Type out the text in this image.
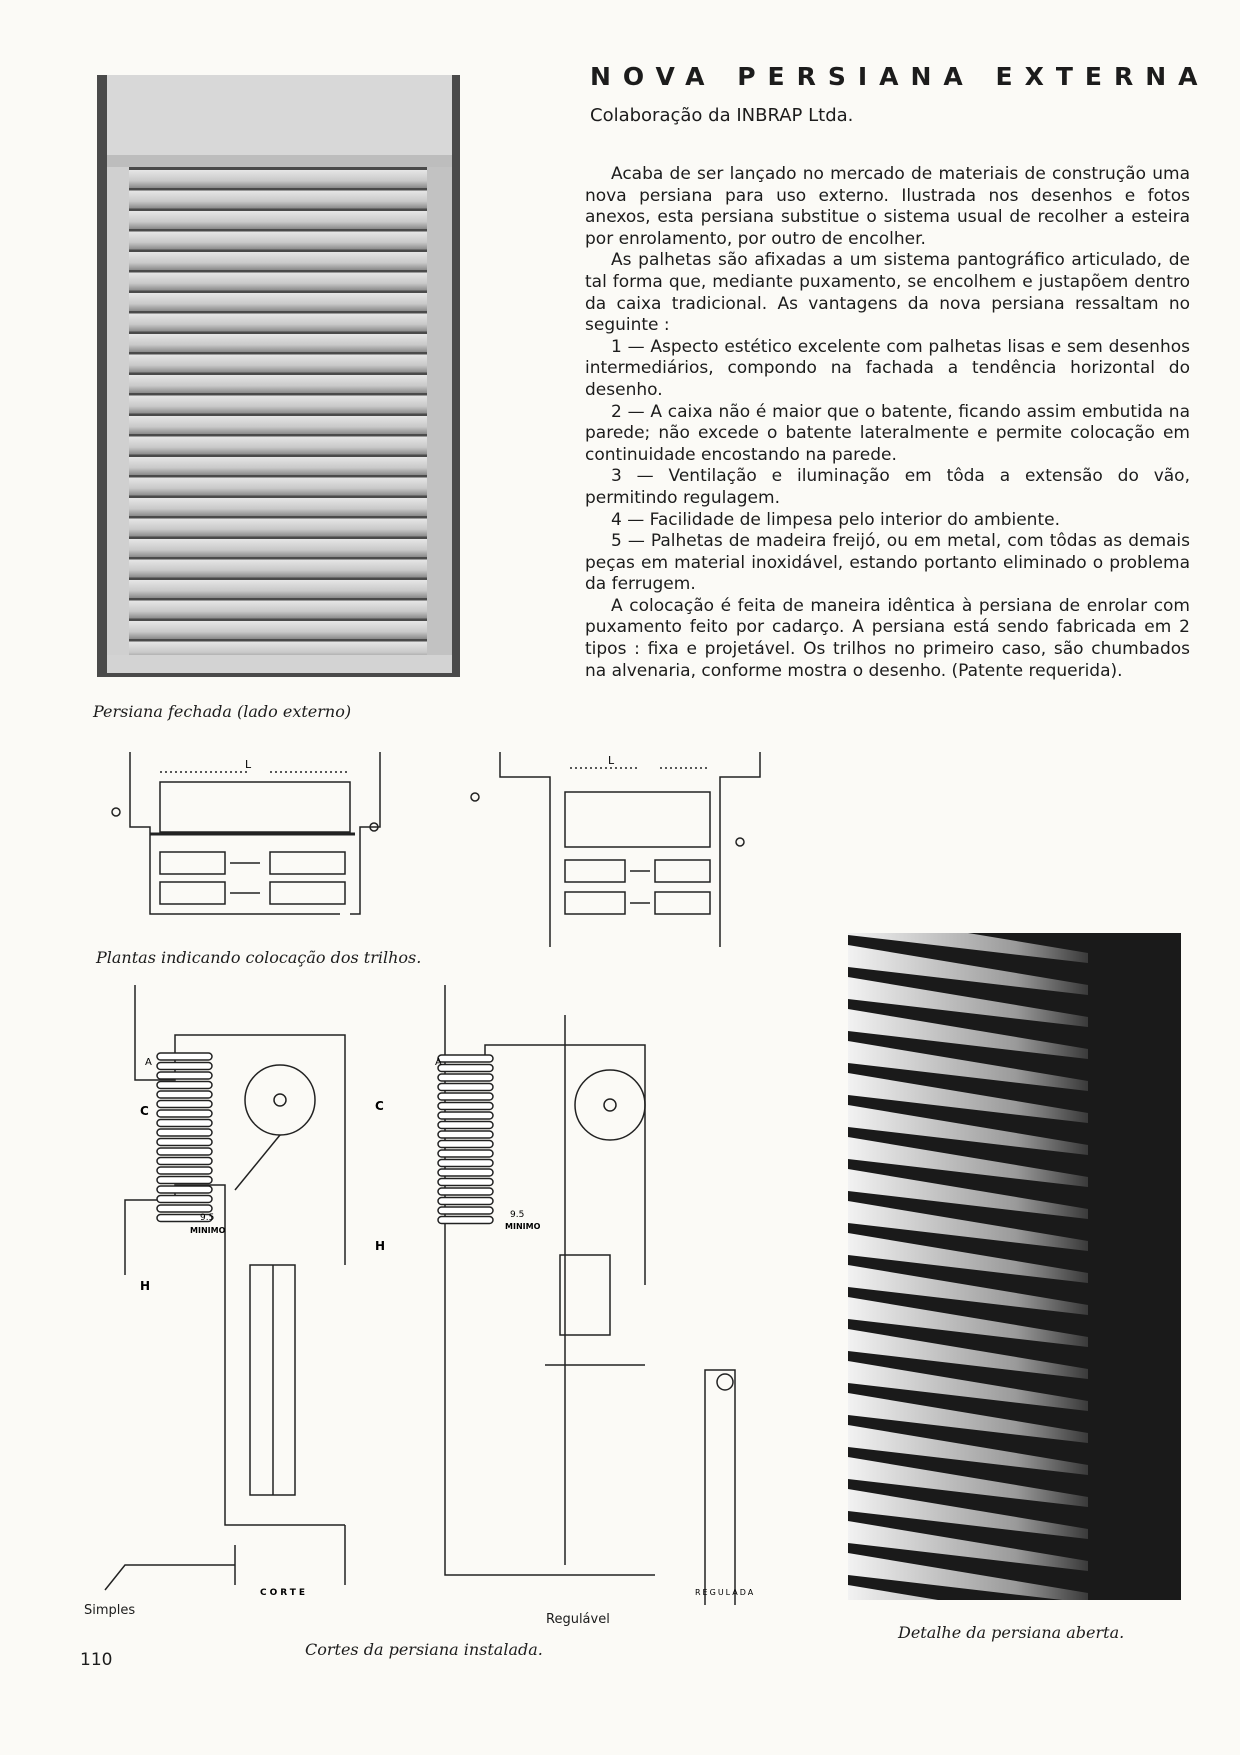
NOVA PERSIANA EXTERNA
Colaboração da INBRAP Ltda.

Acaba de ser lançado no mercado de materiais de construção uma nova persiana para uso externo. Ilustrada nos desenhos e fotos anexos, esta persiana substitue o sistema usual de recolher a esteira por enrolamento, por outro de encolher.

As palhetas são afixadas a um sistema pantográfico articulado, de tal forma que, mediante puxamento, se encolhem e justapõem dentro da caixa tradicional. As vantagens da nova persiana ressaltam no seguinte :

1 — Aspecto estético excelente com palhetas lisas e sem desenhos intermediários, compondo na fachada a tendência horizontal do desenho.

2 — A caixa não é maior que o batente, ficando assim embutida na parede; não excede o batente lateralmente e permite colocação em continuidade encostando na parede.

3 — Ventilação e iluminação em tôda a extensão do vão, permitindo regulagem.

4 — Facilidade de limpesa pelo interior do ambiente.

5 — Palhetas de madeira freijó, ou em metal, com tôdas as demais peças em material inoxidável, estando portanto eliminado o problema da ferrugem.

A colocação é feita de maneira idêntica à persiana de enrolar com puxamento feito por cadarço. A persiana está sendo fabricada em 2 tipos : fixa e projetável. Os trilhos no primeiro caso, são chumbados na alvenaria, conforme mostra o desenho. (Patente requerida).

Persiana fechada (lado externo)
L	L
Plantas indicando colocação dos trilhos.
C
H
C
H
A	A
9.5
MINIMO
9.5
MINIMO
CORTE	REGULADA
Simples
Regulável
Cortes da persiana instalada.
Detalhe da persiana aberta.
110
